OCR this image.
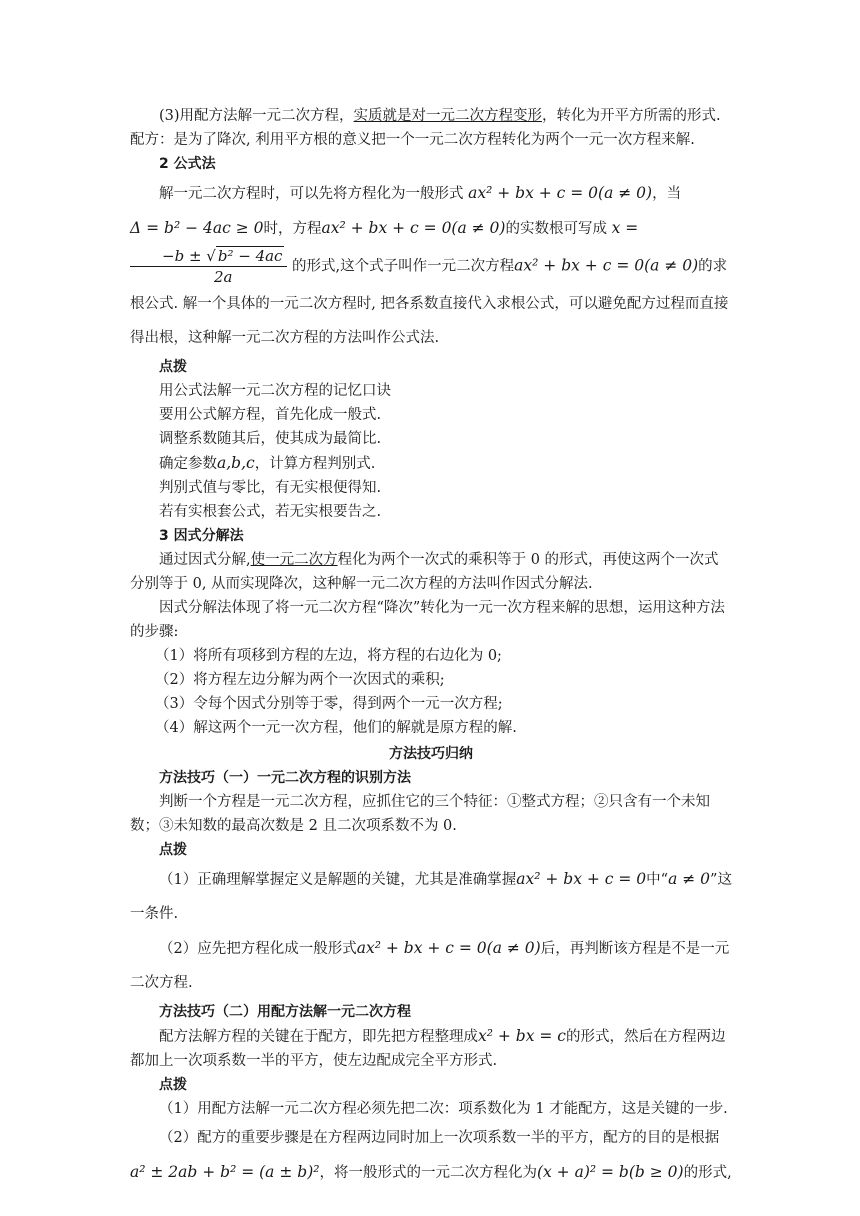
(3)用配方法解一元二次方程，实质就是对一元二次方程变形，转化为开平方所需的形式. 配方：是为了降次, 利用平方根的意义把一个一元二次方程转化为两个一元一次方程来解.

2 公式法

解一元二次方程时，可以先将方程化为一般形式 ax² + bx + c = 0(a ≠ 0)，当Δ = b² − 4ac ≥ 0时，方程ax² + bx + c = 0(a ≠ 0)的实数根可写成 x =
$\frac{\text{−b ± √ b² − 4ac}}{2a}$ 的形式,这个式子叫作一元二次方程ax² + bx + c = 0(a ≠ 0)的求根公式. 解一个具体的一元二次方程时, 把各系数直接代入求根公式，可以避免配方过程而直接得出根，这种解一元二次方程的方法叫作公式法.

点拨

用公式法解一元二次方程的记忆口诀

要用公式解方程，首先化成一般式.

调整系数随其后，使其成为最简比.

确定参数a,b,c，计算方程判别式.

判别式值与零比，有无实根便得知.

若有实根套公式，若无实根要告之.

3 因式分解法

通过因式分解,使一元二次方程化为两个一次式的乘积等于 0 的形式，再使这两个一次式分别等于 0, 从而实现降次，这种解一元二次方程的方法叫作因式分解法.

因式分解法体现了将一元二次方程“降次”转化为一元一次方程来解的思想，运用这种方法的步骤:

（1）将所有项移到方程的左边，将方程的右边化为 0;

（2）将方程左边分解为两个一次因式的乘积;

（3）令每个因式分别等于零，得到两个一元一次方程;

（4）解这两个一元一次方程，他们的解就是原方程的解.

方法技巧归纳

方法技巧（一）一元二次方程的识别方法

判断一个方程是一元二次方程，应抓住它的三个特征：①整式方程；②只含有一个未知数；③未知数的最高次数是 2 且二次项系数不为 0.

点拨

（1）正确理解掌握定义是解题的关键，尤其是准确掌握ax² + bx + c = 0中“a ≠ 0”这一条件.

（2）应先把方程化成一般形式ax² + bx + c = 0(a ≠ 0)后，再判断该方程是不是一元二次方程.

方法技巧（二）用配方法解一元二次方程

配方法解方程的关键在于配方，即先把方程整理成x² + bx = c的形式，然后在方程两边都加上一次项系数一半的平方，使左边配成完全平方形式.

点拨

（1）用配方法解一元二次方程必须先把二次：项系数化为 1 才能配方，这是关键的一步.

（2）配方的重要步骤是在方程两边同时加上一次项系数一半的平方，配方的目的是根据a² ± 2ab + b² = (a ± b)²，将一般形式的一元二次方程化为(x + a)² = b(b ≥ 0)的形式,
